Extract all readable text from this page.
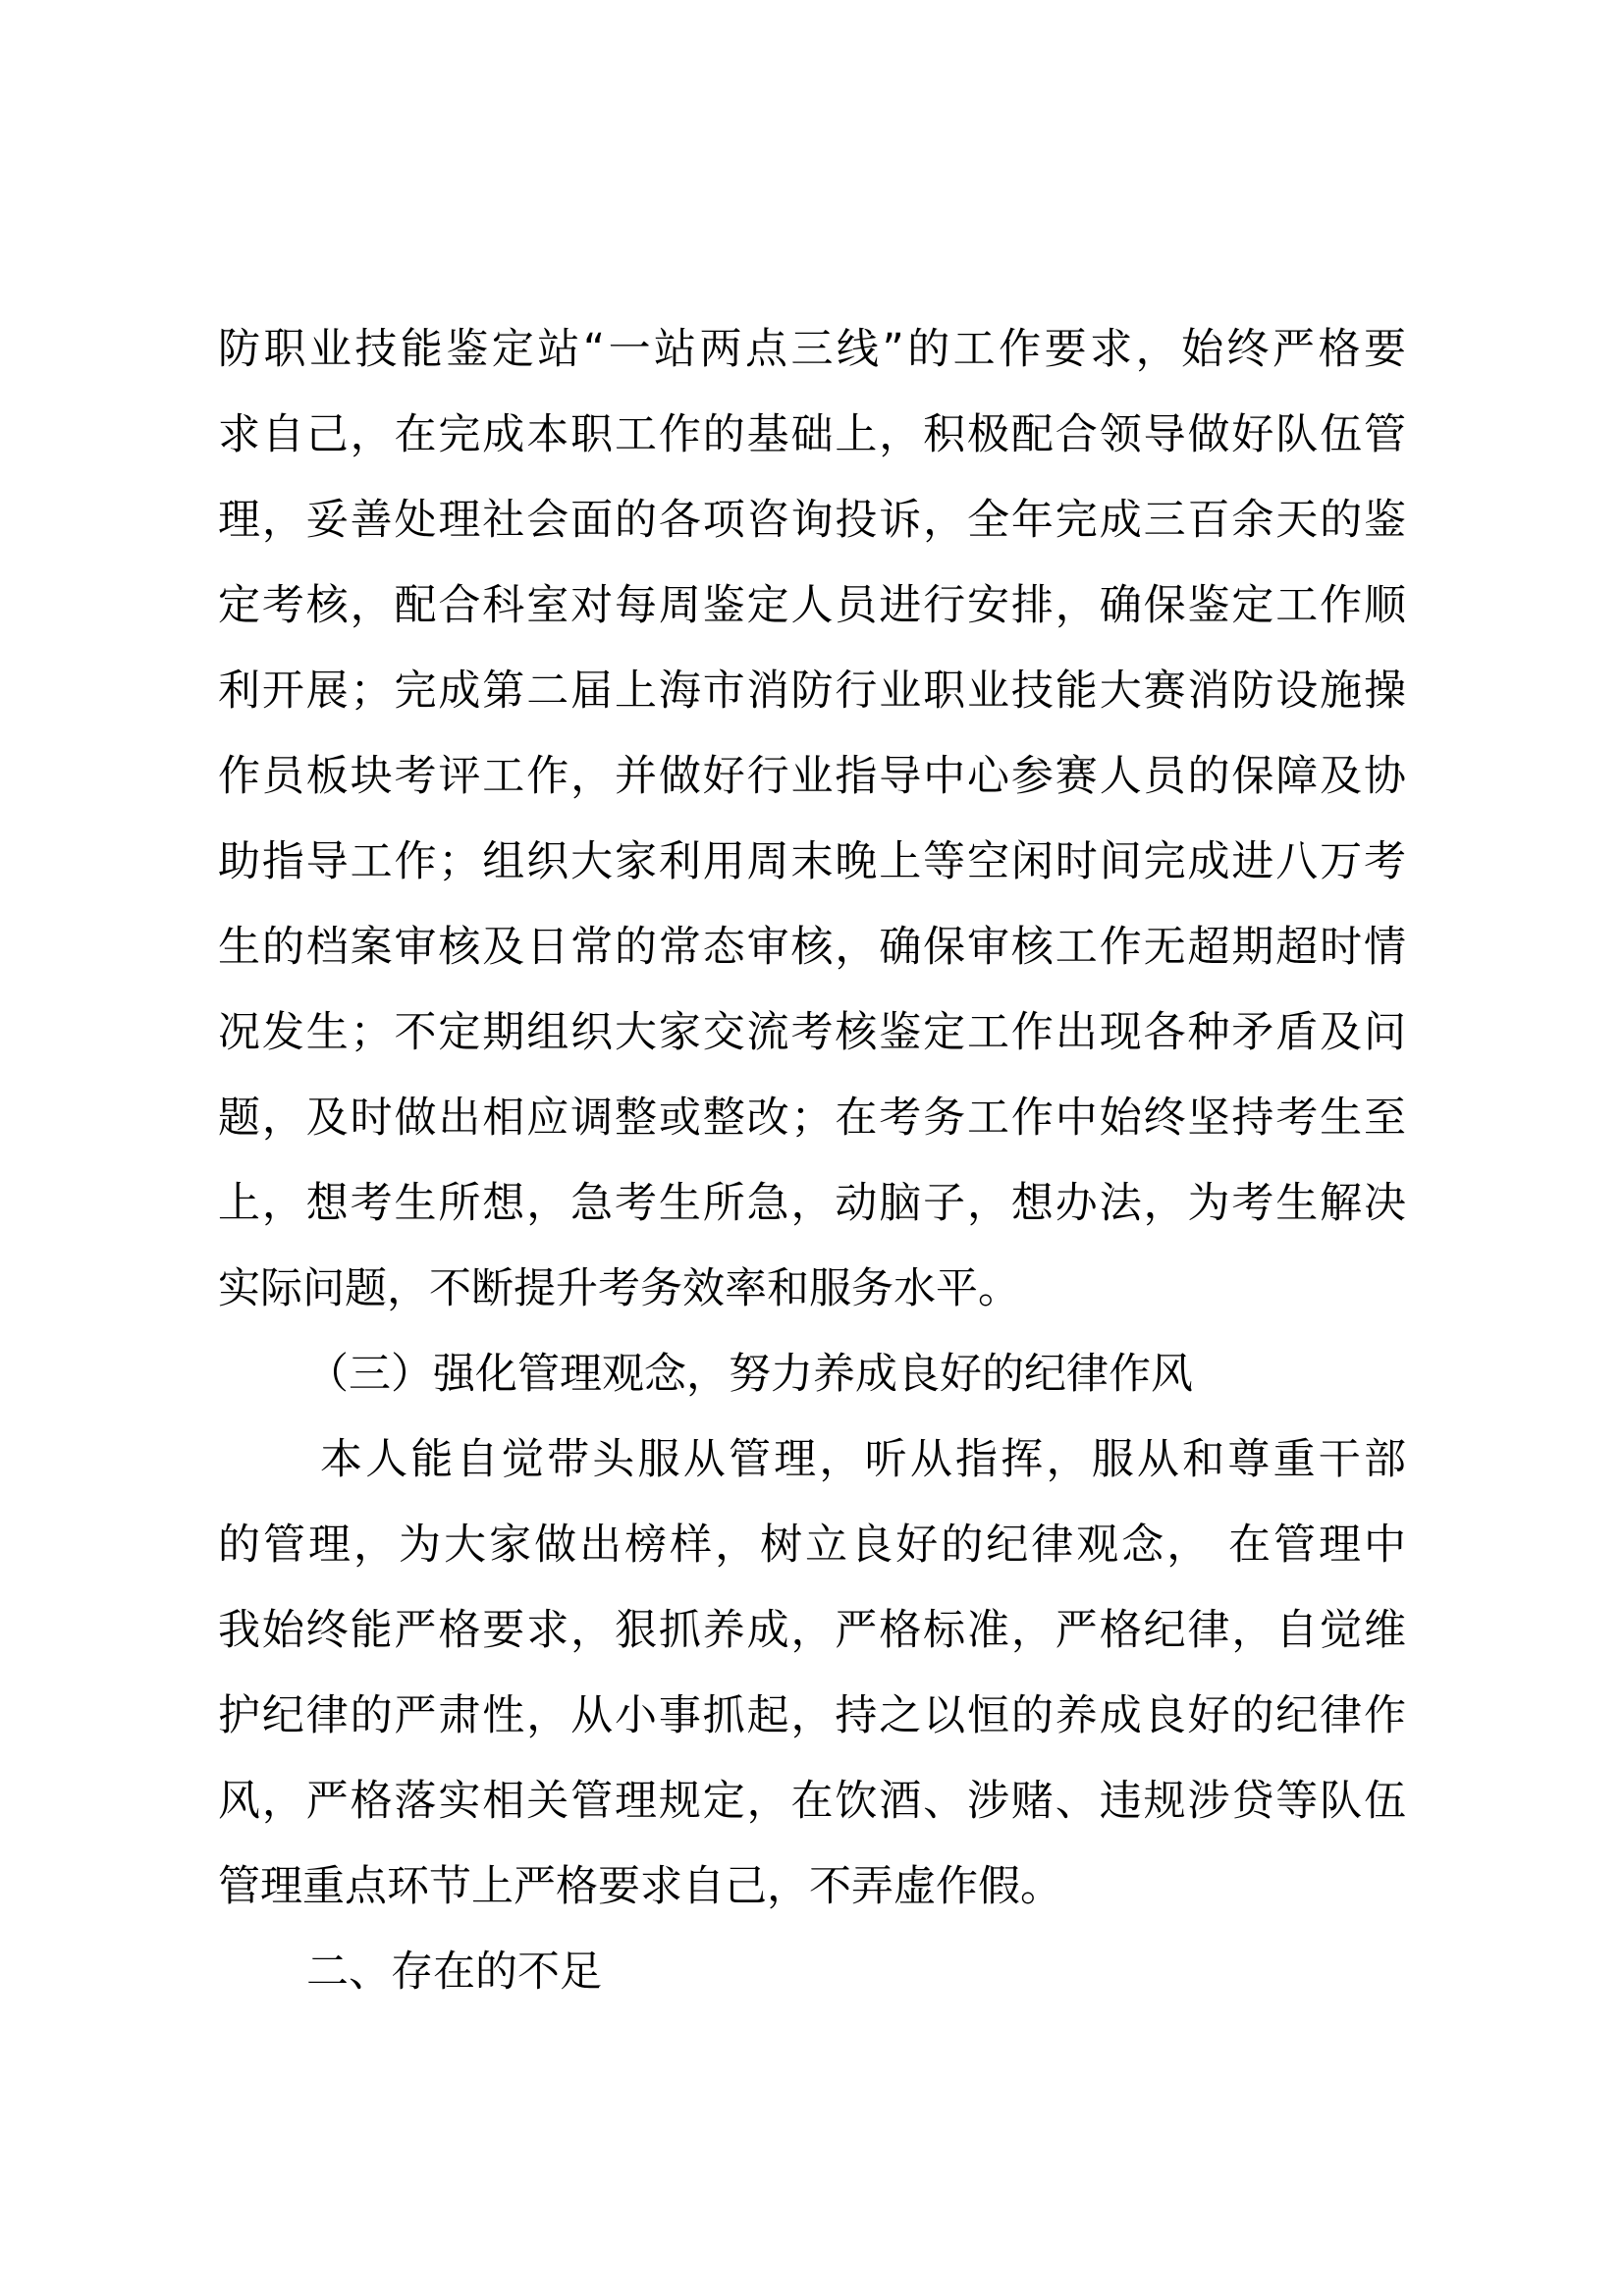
防职业技能鉴定站“一站两点三线”的工作要求，始终严格要
求自己，在完成本职工作的基础上，积极配合领导做好队伍管
理，妥善处理社会面的各项咨询投诉，全年完成三百余天的鉴
定考核，配合科室对每周鉴定人员进行安排，确保鉴定工作顺
利开展；完成第二届上海市消防行业职业技能大赛消防设施操
作员板块考评工作，并做好行业指导中心参赛人员的保障及协
助指导工作；组织大家利用周末晚上等空闲时间完成进八万考
生的档案审核及日常的常态审核，确保审核工作无超期超时情
况发生；不定期组织大家交流考核鉴定工作出现各种矛盾及问
题，及时做出相应调整或整改；在考务工作中始终坚持考生至
上，想考生所想，急考生所急，动脑子，想办法，为考生解决
实际问题，不断提升考务效率和服务水平。
（三）强化管理观念，努力养成良好的纪律作风
本人能自觉带头服从管理，听从指挥，服从和尊重干部
的管理，为大家做出榜样，树立良好的纪律观念， 在管理中
我始终能严格要求，狠抓养成，严格标准，严格纪律，自觉维
护纪律的严肃性，从小事抓起，持之以恒的养成良好的纪律作
风，严格落实相关管理规定，在饮酒、涉赌、违规涉贷等队伍
管理重点环节上严格要求自己，不弄虚作假。
二、存在的不足
